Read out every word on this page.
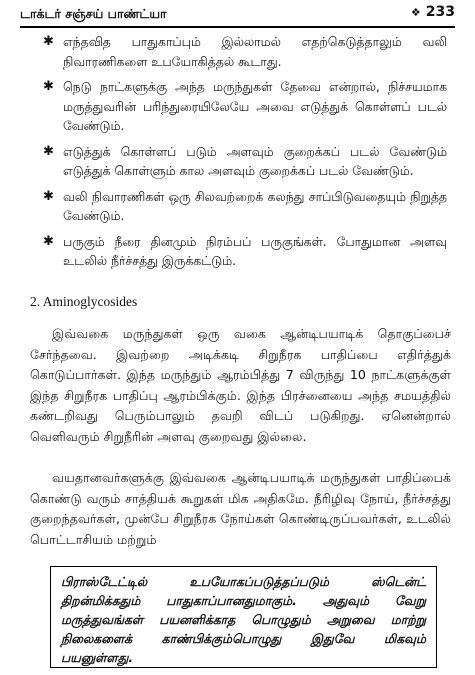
டாக்டர் சஞ்சய் பாண்ட்யா	❖ 233
✱ எந்தவித பாதுகாப்பும் இல்லாமல் எதற்கெடுத்தாலும் வலி நிவாரணிகளை உபயோகித்தல் கூடாது.
✱ நெடு நாட்களுக்கு அந்த மருந்துகள் தேவை என்றால், நிச்சயமாக மருத்துவரின் பரிந்துரையிலேயே அவை எடுத்துக் கொள்ளப் படல் வேண்டும்.
✱ எடுத்துக் கொள்ளப் படும் அளவும் குறைக்கப் படல் வேண்டும் எடுத்துக் கொள்ளும் கால அளவும் குறைக்கப் படல் வேண்டும்.
✱ வலி நிவாரணிகள் ஒரு சிலவற்றைக் கலந்து சாப்பிடுவதையும் நிறுத்த வேண்டும்.
✱ பருகும் நீரை தினமும் நிரம்பப் பருகுங்கள். போதுமான அளவு உடலில் நீர்ச்சத்து இருக்கட்டும்.
2. Aminoglycosides

இவ்வகை மருந்துகள் ஒரு வகை ஆன்டிபயாடிக் தொகுப்பைச் சேர்ந்தவை. இவற்றை அடிக்கடி சிறுநீரக பாதிப்பை எதிர்த்துக் கொடுப்பார்கள். இந்த மருந்தும் ஆரம்பித்து 7 விருந்து 10 நாட்களுக்குள் இந்த சிறுநீரக பாதிப்பு ஆரம்பிக்கும். இந்த பிரச்னையை அந்த சமயத்தில் கண்டறிவது பெரும்பாலும் தவறி விடப் படுகிறது. ஏனென்றால் வெளிவரும் சிறுநீரின் அளவு குறைவது இல்லை.

வயதானவர்களுக்கு இவ்வகை ஆன்டிபயாடிக் மருந்துகள் பாதிப்பைக் கொண்டு வரும் சாத்தியக் கூறுகள் மிக அதிகமே. நீரிழிவு நோய், நீர்ச்சத்து குறைந்தவர்கள், முன்பே சிறுநீரக நோய்கள் கொண்டிருப்பவர்கள், உடலில் பொட்டாசியம் மற்றும்

பிராஸ்டேட்டில் உபயோகப்படுத்தப்படும் ஸ்டென்ட் திறன்மிக்கதும் பாதுகாப்பானதுமாகும். அதுவும் வேறு மருத்துவங்கள் பயனளிக்காத பொழுதும் அறுவை மாற்று நிலைகளைக் காண்பிக்கும்பொழுது இதுவே மிகவும் பயனுள்ளது.
